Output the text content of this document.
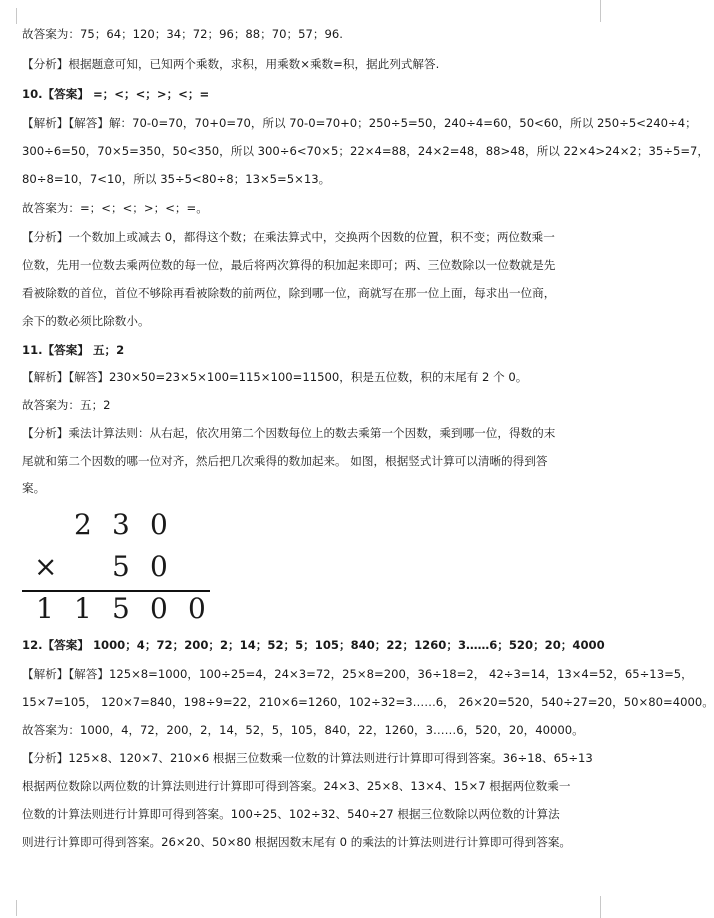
故答案为：75；64；120；34；72；96；88；70；57；96.
【分析】根据题意可知，已知两个乘数，求积，用乘数×乘数=积，据此列式解答.
10.【答案】 =；<；<；>；<；=
【解析】【解答】解：70-0=70，70+0=70，所以 70-0=70+0；250÷5=50，240÷4=60，50<60，所以 250÷5<240÷4；
300÷6=50，70×5=350，50<350，所以 300÷6<70×5；22×4=88，24×2=48，88>48，所以 22×4>24×2；35÷5=7，
80÷8=10，7<10，所以 35÷5<80÷8；13×5=5×13。
故答案为：=；<；<；>；<；=。
【分析】一个数加上或减去 0，都得这个数；在乘法算式中，交换两个因数的位置，积不变；两位数乘一
位数，先用一位数去乘两位数的每一位，最后将两次算得的积加起来即可；两、三位数除以一位数就是先
看被除数的首位，首位不够除再看被除数的前两位，除到哪一位，商就写在那一位上面，每求出一位商，
余下的数必须比除数小。
11.【答案】 五；2
【解析】【解答】230×50=23×5×100=115×100=11500，积是五位数，积的末尾有 2 个 0。
故答案为：五；2
【分析】乘法计算法则：从右起，依次用第二个因数每位上的数去乘第一个因数，乘到哪一位，得数的末
尾就和第二个因数的哪一位对齐，然后把几次乘得的数加起来。 如图，根据竖式计算可以清晰的得到答
案。
2 3 0
× 5 0
1 1 5 0 0
12.【答案】 1000；4；72；200；2；14；52；5；105；840；22；1260；3……6；520；20；4000
【解析】【解答】125×8=1000，100÷25=4，24×3=72，25×8=200，36÷18=2， 42÷3=14，13×4=52，65÷13=5，
15×7=105， 120×7=840，198÷9=22，210×6=1260，102÷32=3……6， 26×20=520，540÷27=20，50×80=4000。
故答案为：1000，4，72，200，2，14，52，5，105，840，22，1260，3……6，520，20，40000。
【分析】125×8、120×7、210×6 根据三位数乘一位数的计算法则进行计算即可得到答案。36÷18、65÷13
根据两位数除以两位数的计算法则进行计算即可得到答案。24×3、25×8、13×4、15×7 根据两位数乘一
位数的计算法则进行计算即可得到答案。100÷25、102÷32、540÷27 根据三位数除以两位数的计算法
则进行计算即可得到答案。26×20、50×80 根据因数末尾有 0 的乘法的计算法则进行计算即可得到答案。
